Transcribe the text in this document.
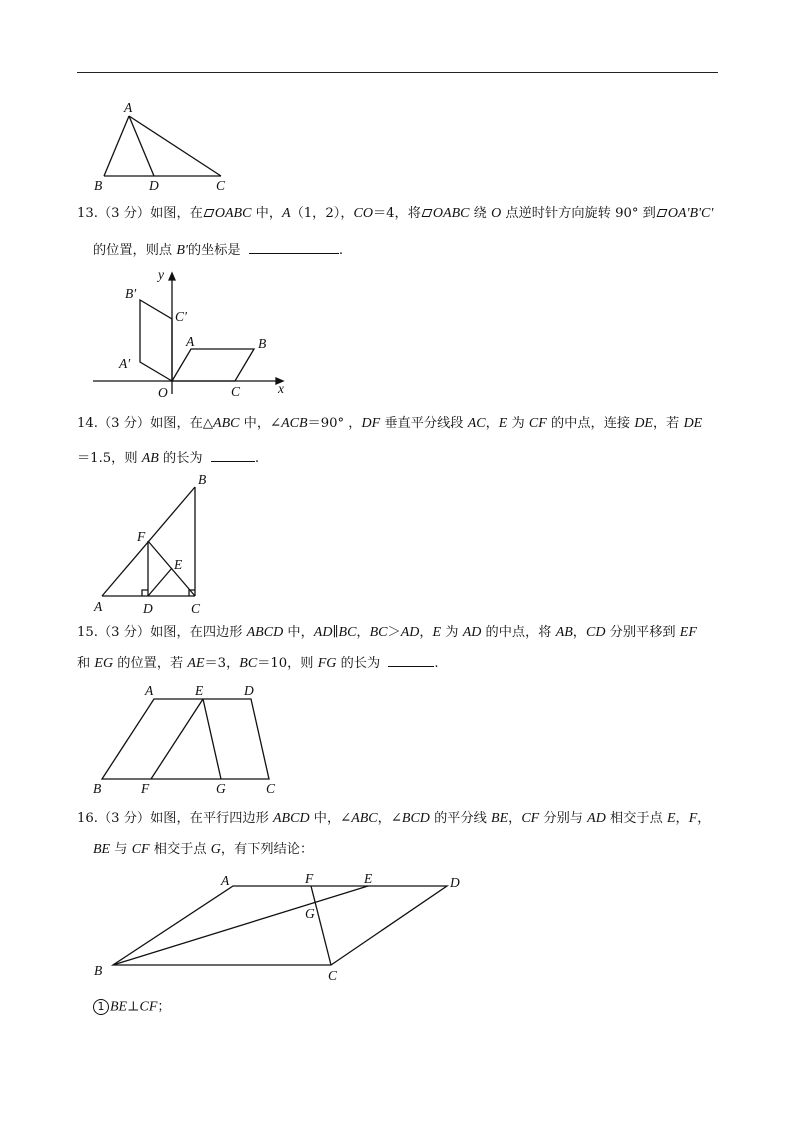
A
B	D	C
13.（3 分）如图，在 OABC 中，A（1，2），CO＝4，将 OABC 绕 O 点逆时针方向旋转 90° 到 OA'B'C'
的位置，则点 B'的坐标是	.
y
x
O
A	B
C
A′
B′
C′
14.（3 分）如图，在△ABC 中，∠ACB＝90° ，DF 垂直平分线段 AC，E 为 CF 的中点，连接 DE，若 DE
＝1.5，则 AB 的长为	.
A
B
C
D
E
F
15.（3 分）如图，在四边形 ABCD 中，AD∥BC，BC＞AD，E 为 AD 的中点，将 AB，CD 分别平移到 EF
和 EG 的位置，若 AE＝3，BC＝10，则 FG 的长为	.
A	E	D
B	F	G	C
16.（3 分）如图，在平行四边形 ABCD 中，∠ABC，∠BCD 的平分线 BE，CF 分别与 AD 相交于点 E，F，
BE 与 CF 相交于点 G，有下列结论：
A	F	E	D
G
B	C
1 BE⊥CF；
